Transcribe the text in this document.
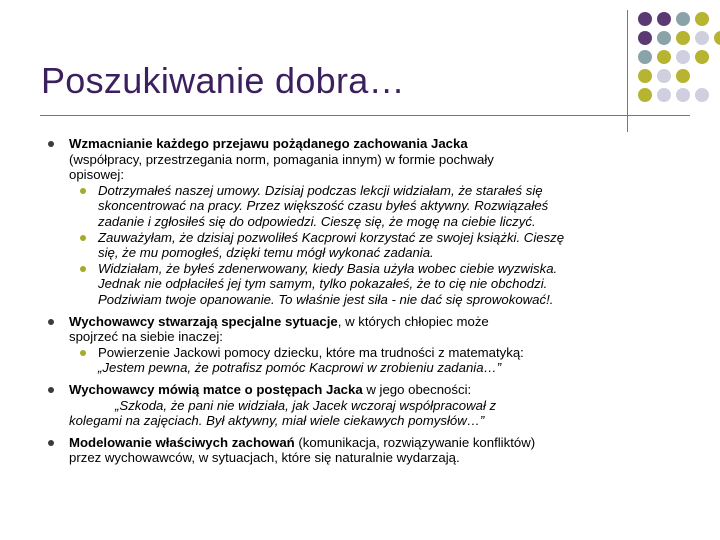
Poszukiwanie dobra…
Wzmacnianie każdego przejawu pożądanego zachowania Jacka
(współpracy, przestrzegania norm, pomagania innym) w formie pochwały
opisowej:
Dotrzymałeś naszej umowy. Dzisiaj podczas lekcji widziałam, że starałeś się
skoncentrować na pracy. Przez większość czasu byłeś aktywny. Rozwiązałeś
zadanie i zgłosiłeś się do odpowiedzi. Cieszę się, że mogę na ciebie liczyć.
Zauważyłam, że dzisiaj pozwoliłeś Kacprowi korzystać ze swojej książki. Cieszę
się, że mu pomogłeś, dzięki temu mógł wykonać zadania.
Widziałam, że byłeś zdenerwowany, kiedy Basia użyła wobec ciebie wyzwiska.
Jednak nie odpłaciłeś jej tym samym, tylko pokazałeś, że to cię nie obchodzi.
Podziwiam twoje opanowanie. To właśnie jest siła - nie dać się sprowokować!.
Wychowawcy stwarzają specjalne sytuacje, w których chłopiec może
spojrzeć na siebie inaczej:
Powierzenie Jackowi pomocy dziecku, które ma trudności z matematyką:
„Jestem pewna, że potrafisz pomóc Kacprowi w zrobieniu zadania…”
Wychowawcy mówią matce o postępach Jacka w jego obecności:
„Szkoda, że pani nie widziała, jak Jacek wczoraj współpracował z
kolegami na zajęciach. Był aktywny, miał wiele ciekawych pomysłów…”
Modelowanie właściwych zachowań (komunikacja, rozwiązywanie konfliktów)
przez wychowawców, w sytuacjach, które się naturalnie wydarzają.
